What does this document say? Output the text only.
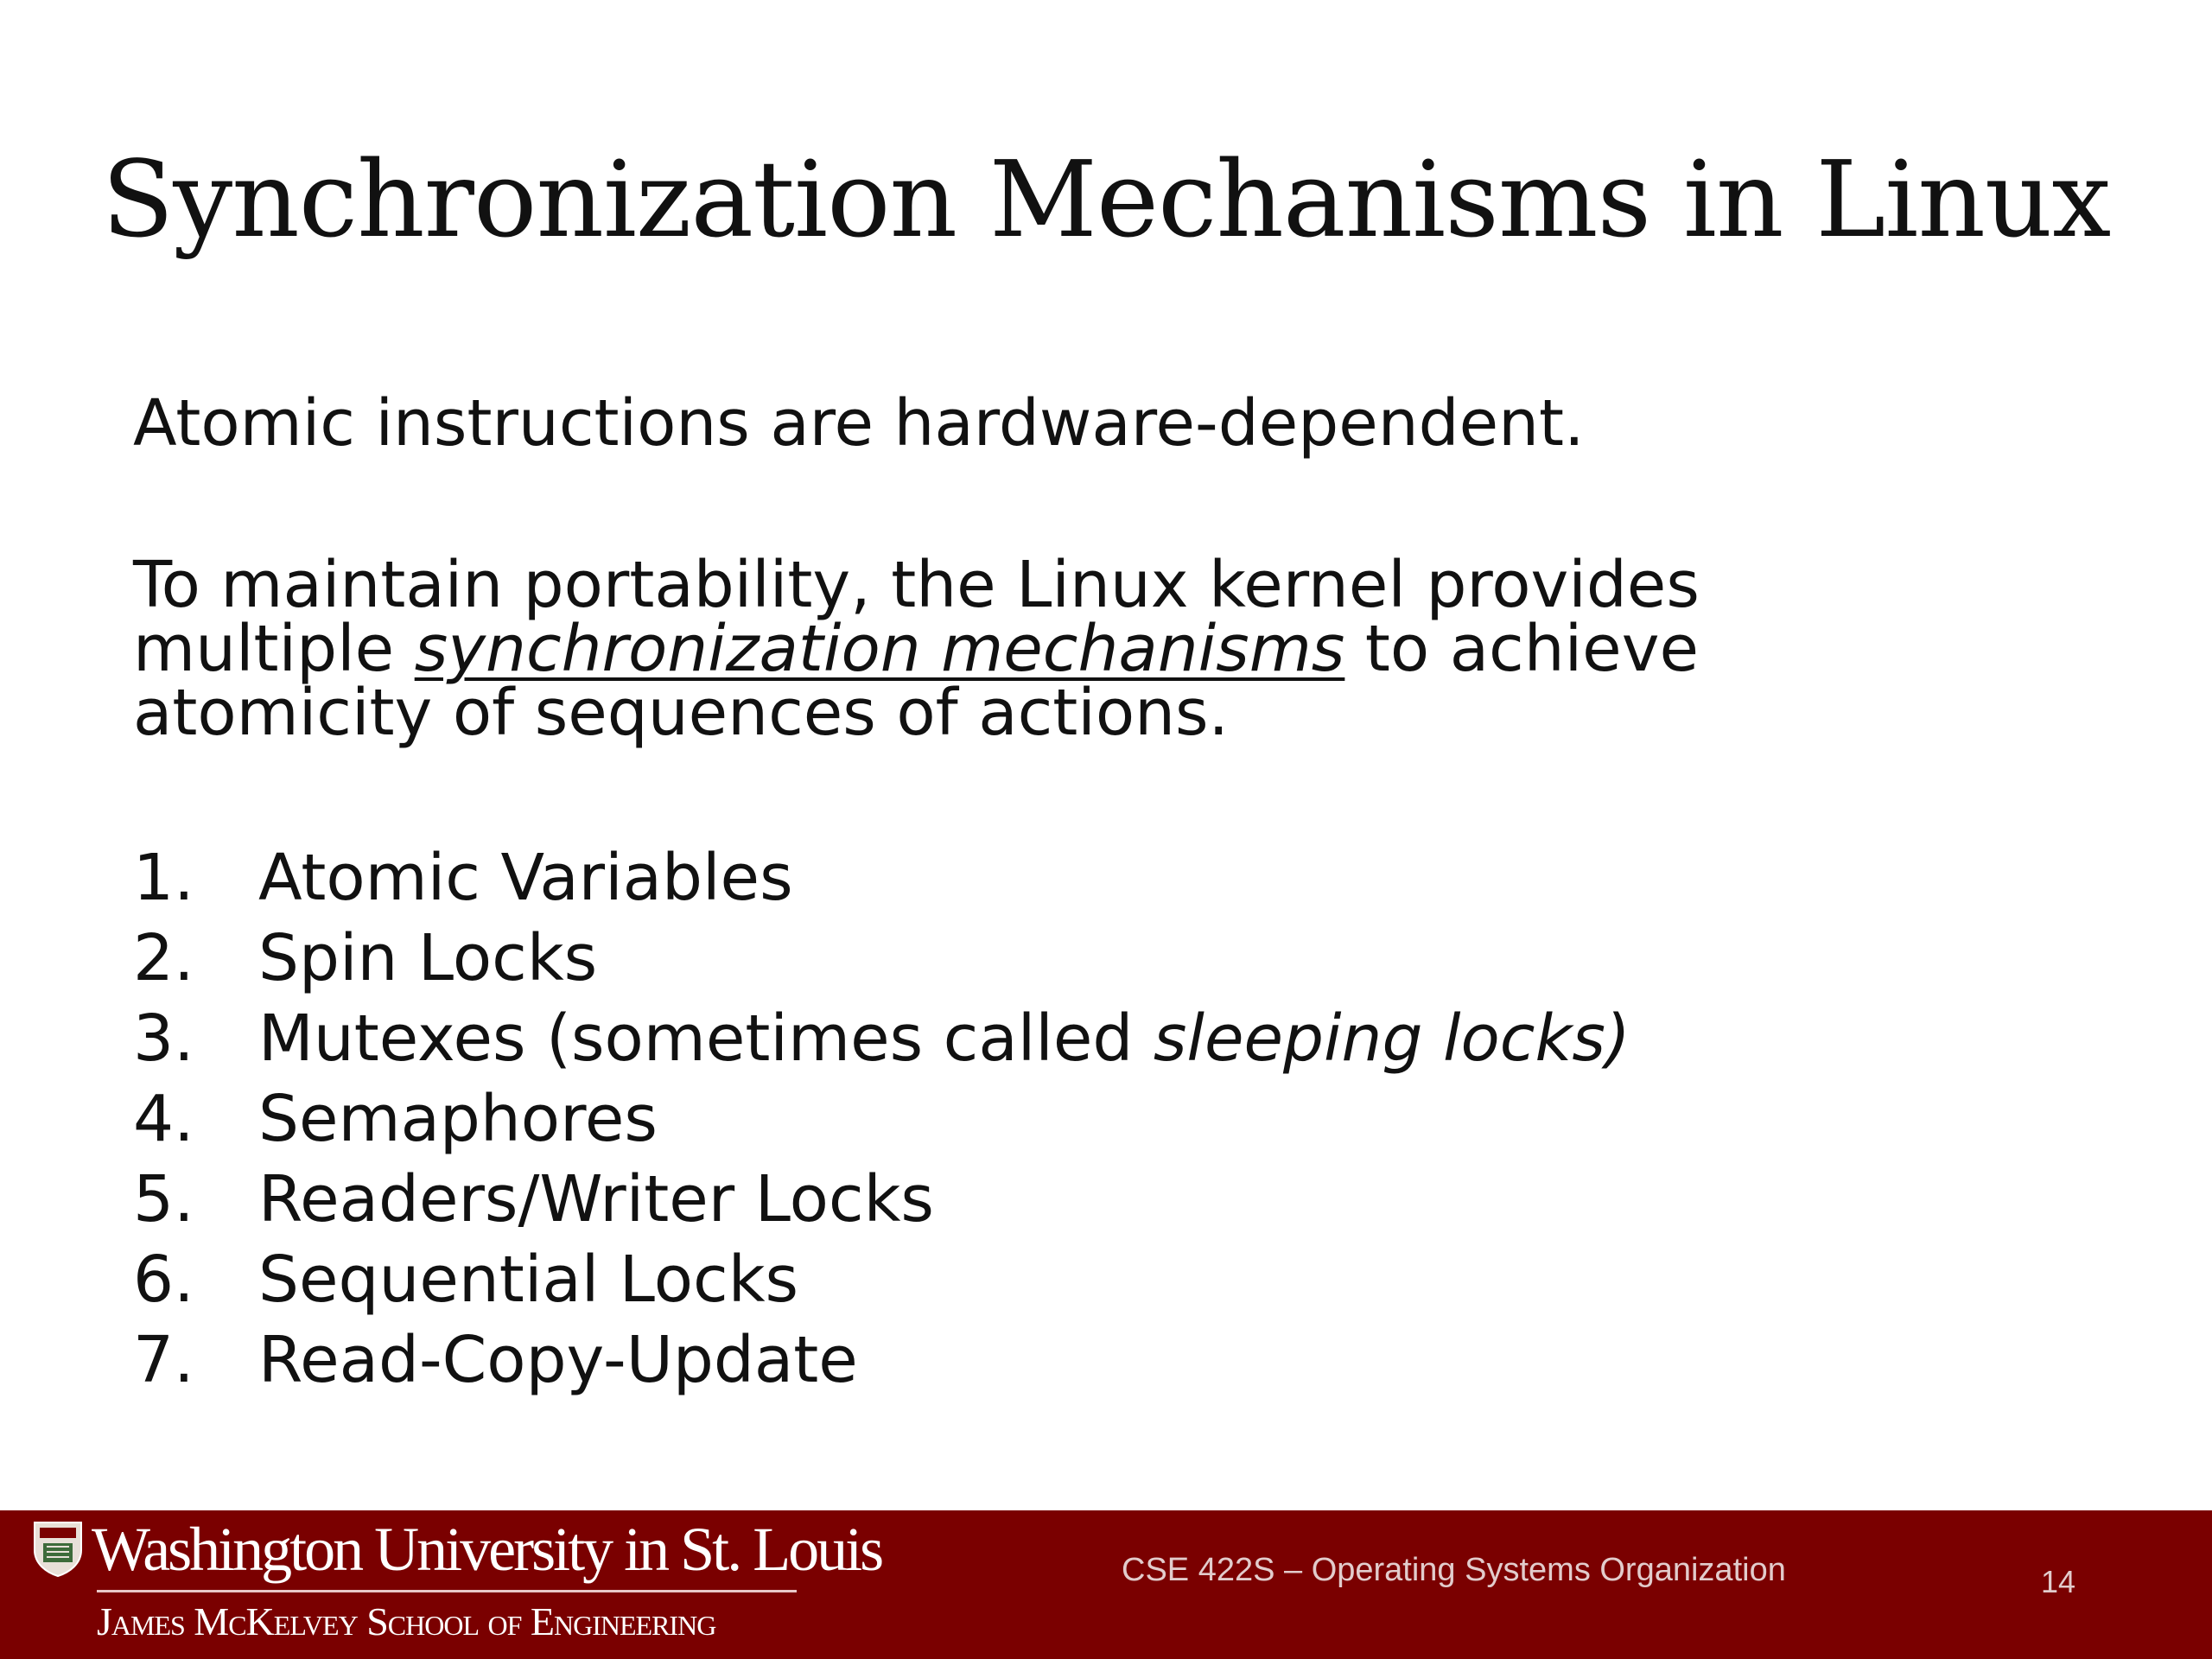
Synchronization Mechanisms in Linux
Atomic instructions are hardware-dependent.
To maintain portability, the Linux kernel provides
multiple synchronization mechanisms to achieve
atomicity of sequences of actions.
1. Atomic Variables
2. Spin Locks
3. Mutexes (sometimes called sleeping locks)
4. Semaphores
5. Readers/Writer Locks
6. Sequential Locks
7. Read-Copy-Update
Washington University in St. Louis
James McKelvey School of Engineering
CSE 422S – Operating Systems Organization	14
